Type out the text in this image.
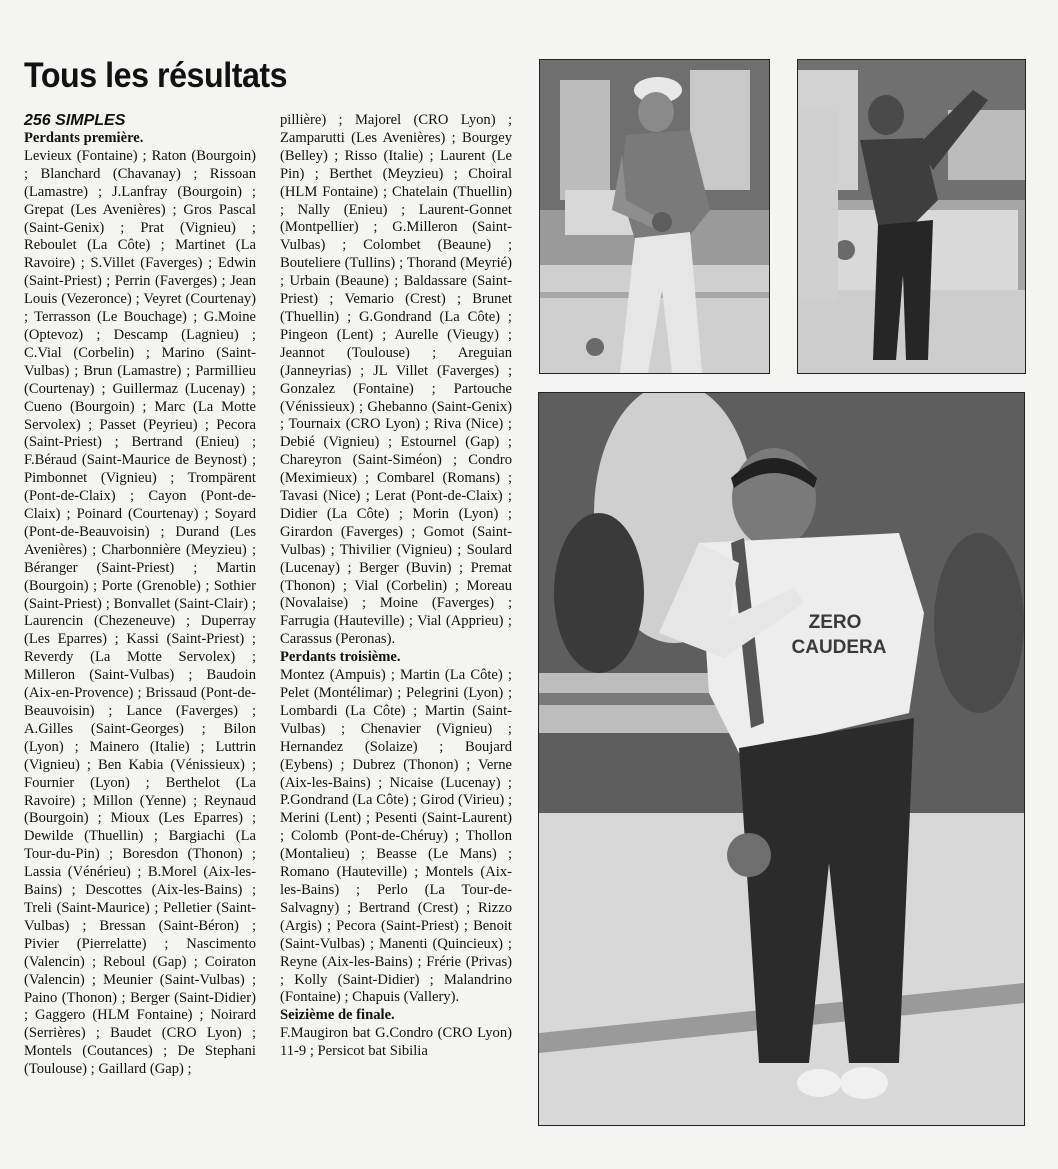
Tous les résultats

256 SIMPLES

Perdants première.

Levieux (Fontaine) ; Raton (Bourgoin) ; Blanchard (Chavanay) ; Rissoan (Lamastre) ; J.Lanfray (Bourgoin) ; Grepat (Les Avenières) ; Gros Pascal (Saint-Genix) ; Prat (Vignieu) ; Reboulet (La Côte) ; Martinet (La Ravoire) ; S.Villet (Faverges) ; Edwin (Saint-Priest) ; Perrin (Faverges) ; Jean Louis (Vezeronce) ; Veyret (Courtenay) ; Terrasson (Le Bouchage) ; G.Moine (Optevoz) ; Descamp (Lagnieu) ; C.Vial (Corbelin) ; Marino (Saint-Vulbas) ; Brun (Lamastre) ; Parmillieu (Courtenay) ; Guillermaz (Lucenay) ; Cueno (Bourgoin) ; Marc (La Motte Servolex) ; Passet (Peyrieu) ; Pecora (Saint-Priest) ; Bertrand (Enieu) ; F.Béraud (Saint-Maurice de Beynost) ; Pimbonnet (Vignieu) ; Trompärent (Pont-de-Claix) ; Cayon (Pont-de-Claix) ; Poinard (Courtenay) ; Soyard (Pont-de-Beauvoisin) ; Durand (Les Avenières) ; Charbonnière (Meyzieu) ; Béranger (Saint-Priest) ; Martin (Bourgoin) ; Porte (Grenoble) ; Sothier (Saint-Priest) ; Bonvallet (Saint-Clair) ; Laurencin (Chezeneuve) ; Duperray (Les Eparres) ; Kassi (Saint-Priest) ; Reverdy (La Motte Servolex) ; Milleron (Saint-Vulbas) ; Baudoin (Aix-en-Provence) ; Brissaud (Pont-de-Beauvoisin) ; Lance (Faverges) ; A.Gilles (Saint-Georges) ; Bilon (Lyon) ; Mainero (Italie) ; Luttrin (Vignieu) ; Ben Kabia (Vénissieux) ; Fournier (Lyon) ; Berthelot (La Ravoire) ; Millon (Yenne) ; Reynaud (Bourgoin) ; Mioux (Les Eparres) ; Dewilde (Thuellin) ; Bargiachi (La Tour-du-Pin) ; Boresdon (Thonon) ; Lassia (Vénérieu) ; B.Morel (Aix-les-Bains) ; Descottes (Aix-les-Bains) ; Treli (Saint-Maurice) ; Pelletier (Saint-Vulbas) ; Bressan (Saint-Béron) ; Pivier (Pierrelatte) ; Nascimento (Valencin) ; Reboul (Gap) ; Coiraton (Valencin) ; Meunier (Saint-Vulbas) ; Paino (Thonon) ; Berger (Saint-Didier) ; Gaggero (HLM Fontaine) ; Noirard (Serrières) ; Baudet (CRO Lyon) ; Montels (Coutances) ; De Stephani (Toulouse) ; Gaillard (Gap) ;

pillière) ; Majorel (CRO Lyon) ; Zamparutti (Les Avenières) ; Bourgey (Belley) ; Risso (Italie) ; Laurent (Le Pin) ; Berthet (Meyzieu) ; Choiral (HLM Fontaine) ; Chatelain (Thuellin) ; Nally (Enieu) ; Laurent-Gonnet (Montpellier) ; G.Milleron (Saint-Vulbas) ; Colombet (Beaune) ; Bouteliere (Tullins) ; Thorand (Meyrié) ; Urbain (Beaune) ; Baldassare (Saint-Priest) ; Vemario (Crest) ; Brunet (Thuellin) ; G.Gondrand (La Côte) ; Pingeon (Lent) ; Aurelle (Vieugy) ; Jeannot (Toulouse) ; Areguian (Janneyrias) ; JL Villet (Faverges) ; Gonzalez (Fontaine) ; Partouche (Vénissieux) ; Ghebanno (Saint-Genix) ; Tournaix (CRO Lyon) ; Riva (Nice) ; Debié (Vignieu) ; Estournel (Gap) ; Chareyron (Saint-Siméon) ; Condro (Meximieux) ; Combarel (Romans) ; Tavasi (Nice) ; Lerat (Pont-de-Claix) ; Didier (La Côte) ; Morin (Lyon) ; Girardon (Faverges) ; Gomot (Saint-Vulbas) ; Thivilier (Vignieu) ; Soulard (Lucenay) ; Berger (Buvin) ; Premat (Thonon) ; Vial (Corbelin) ; Moreau (Novalaise) ; Moine (Faverges) ; Farrugia (Hauteville) ; Vial (Apprieu) ; Carassus (Peronas).

Perdants troisième.

Montez (Ampuis) ; Martin (La Côte) ; Pelet (Montélimar) ; Pelegrini (Lyon) ; Lombardi (La Côte) ; Martin (Saint-Vulbas) ; Chenavier (Vignieu) ; Hernandez (Solaize) ; Boujard (Eybens) ; Dubrez (Thonon) ; Verne (Aix-les-Bains) ; Nicaise (Lucenay) ; P.Gondrand (La Côte) ; Girod (Virieu) ; Merini (Lent) ; Pesenti (Saint-Laurent) ; Colomb (Pont-de-Chéruy) ; Thollon (Montalieu) ; Beasse (Le Mans) ; Romano (Hauteville) ; Montels (Aix-les-Bains) ; Perlo (La Tour-de-Salvagny) ; Bertrand (Crest) ; Rizzo (Argis) ; Pecora (Saint-Priest) ; Benoit (Saint-Vulbas) ; Manenti (Quincieux) ; Reyne (Aix-les-Bains) ; Frérie (Privas) ; Kolly (Saint-Didier) ; Malandrino (Fontaine) ; Chapuis (Vallery).

Seizième de finale.

F.Maugiron bat G.Condro (CRO Lyon) 11-9 ; Persicot bat Sibilia

ZERO
CAUDERA
